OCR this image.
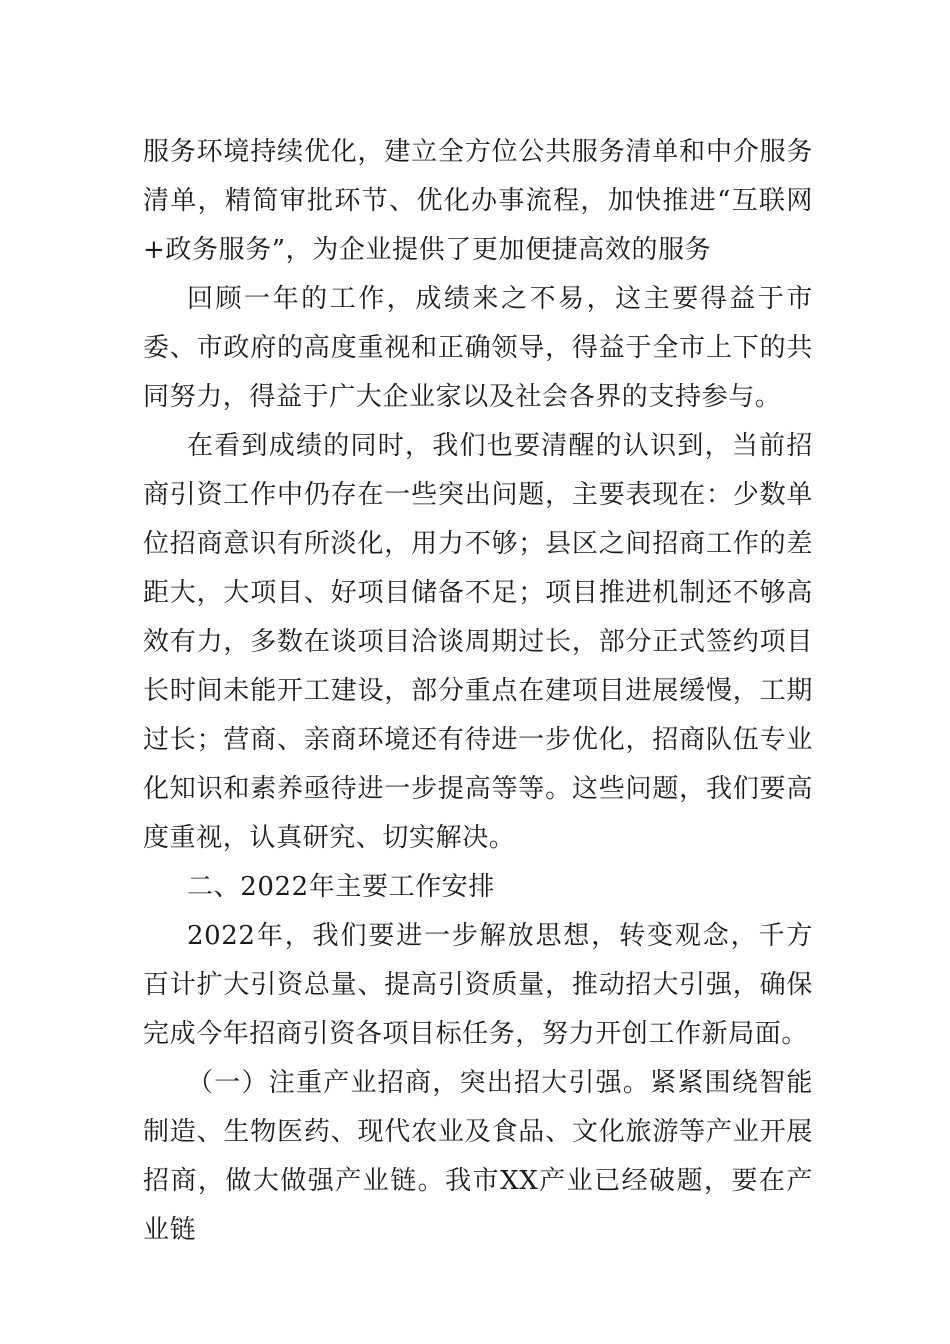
服务环境持续优化，建立全方位公共服务清单和中介服务清单，精简审批环节、优化办事流程，加快推进“互联网+政务服务”，为企业提供了更加便捷高效的服务

回顾一年的工作，成绩来之不易，这主要得益于市委、市政府的高度重视和正确领导，得益于全市上下的共同努力，得益于广大企业家以及社会各界的支持参与。

在看到成绩的同时，我们也要清醒的认识到，当前招商引资工作中仍存在一些突出问题，主要表现在：少数单位招商意识有所淡化，用力不够；县区之间招商工作的差距大，大项目、好项目储备不足；项目推进机制还不够高效有力，多数在谈项目洽谈周期过长，部分正式签约项目长时间未能开工建设，部分重点在建项目进展缓慢，工期过长；营商、亲商环境还有待进一步优化，招商队伍专业化知识和素养亟待进一步提高等等。这些问题，我们要高度重视，认真研究、切实解决。

二、2022年主要工作安排

2022年，我们要进一步解放思想，转变观念，千方百计扩大引资总量、提高引资质量，推动招大引强，确保完成今年招商引资各项目标任务，努力开创工作新局面。

（一）注重产业招商，突出招大引强。紧紧围绕智能制造、生物医药、现代农业及食品、文化旅游等产业开展招商，做大做强产业链。我市XX产业已经破题，要在产业链
